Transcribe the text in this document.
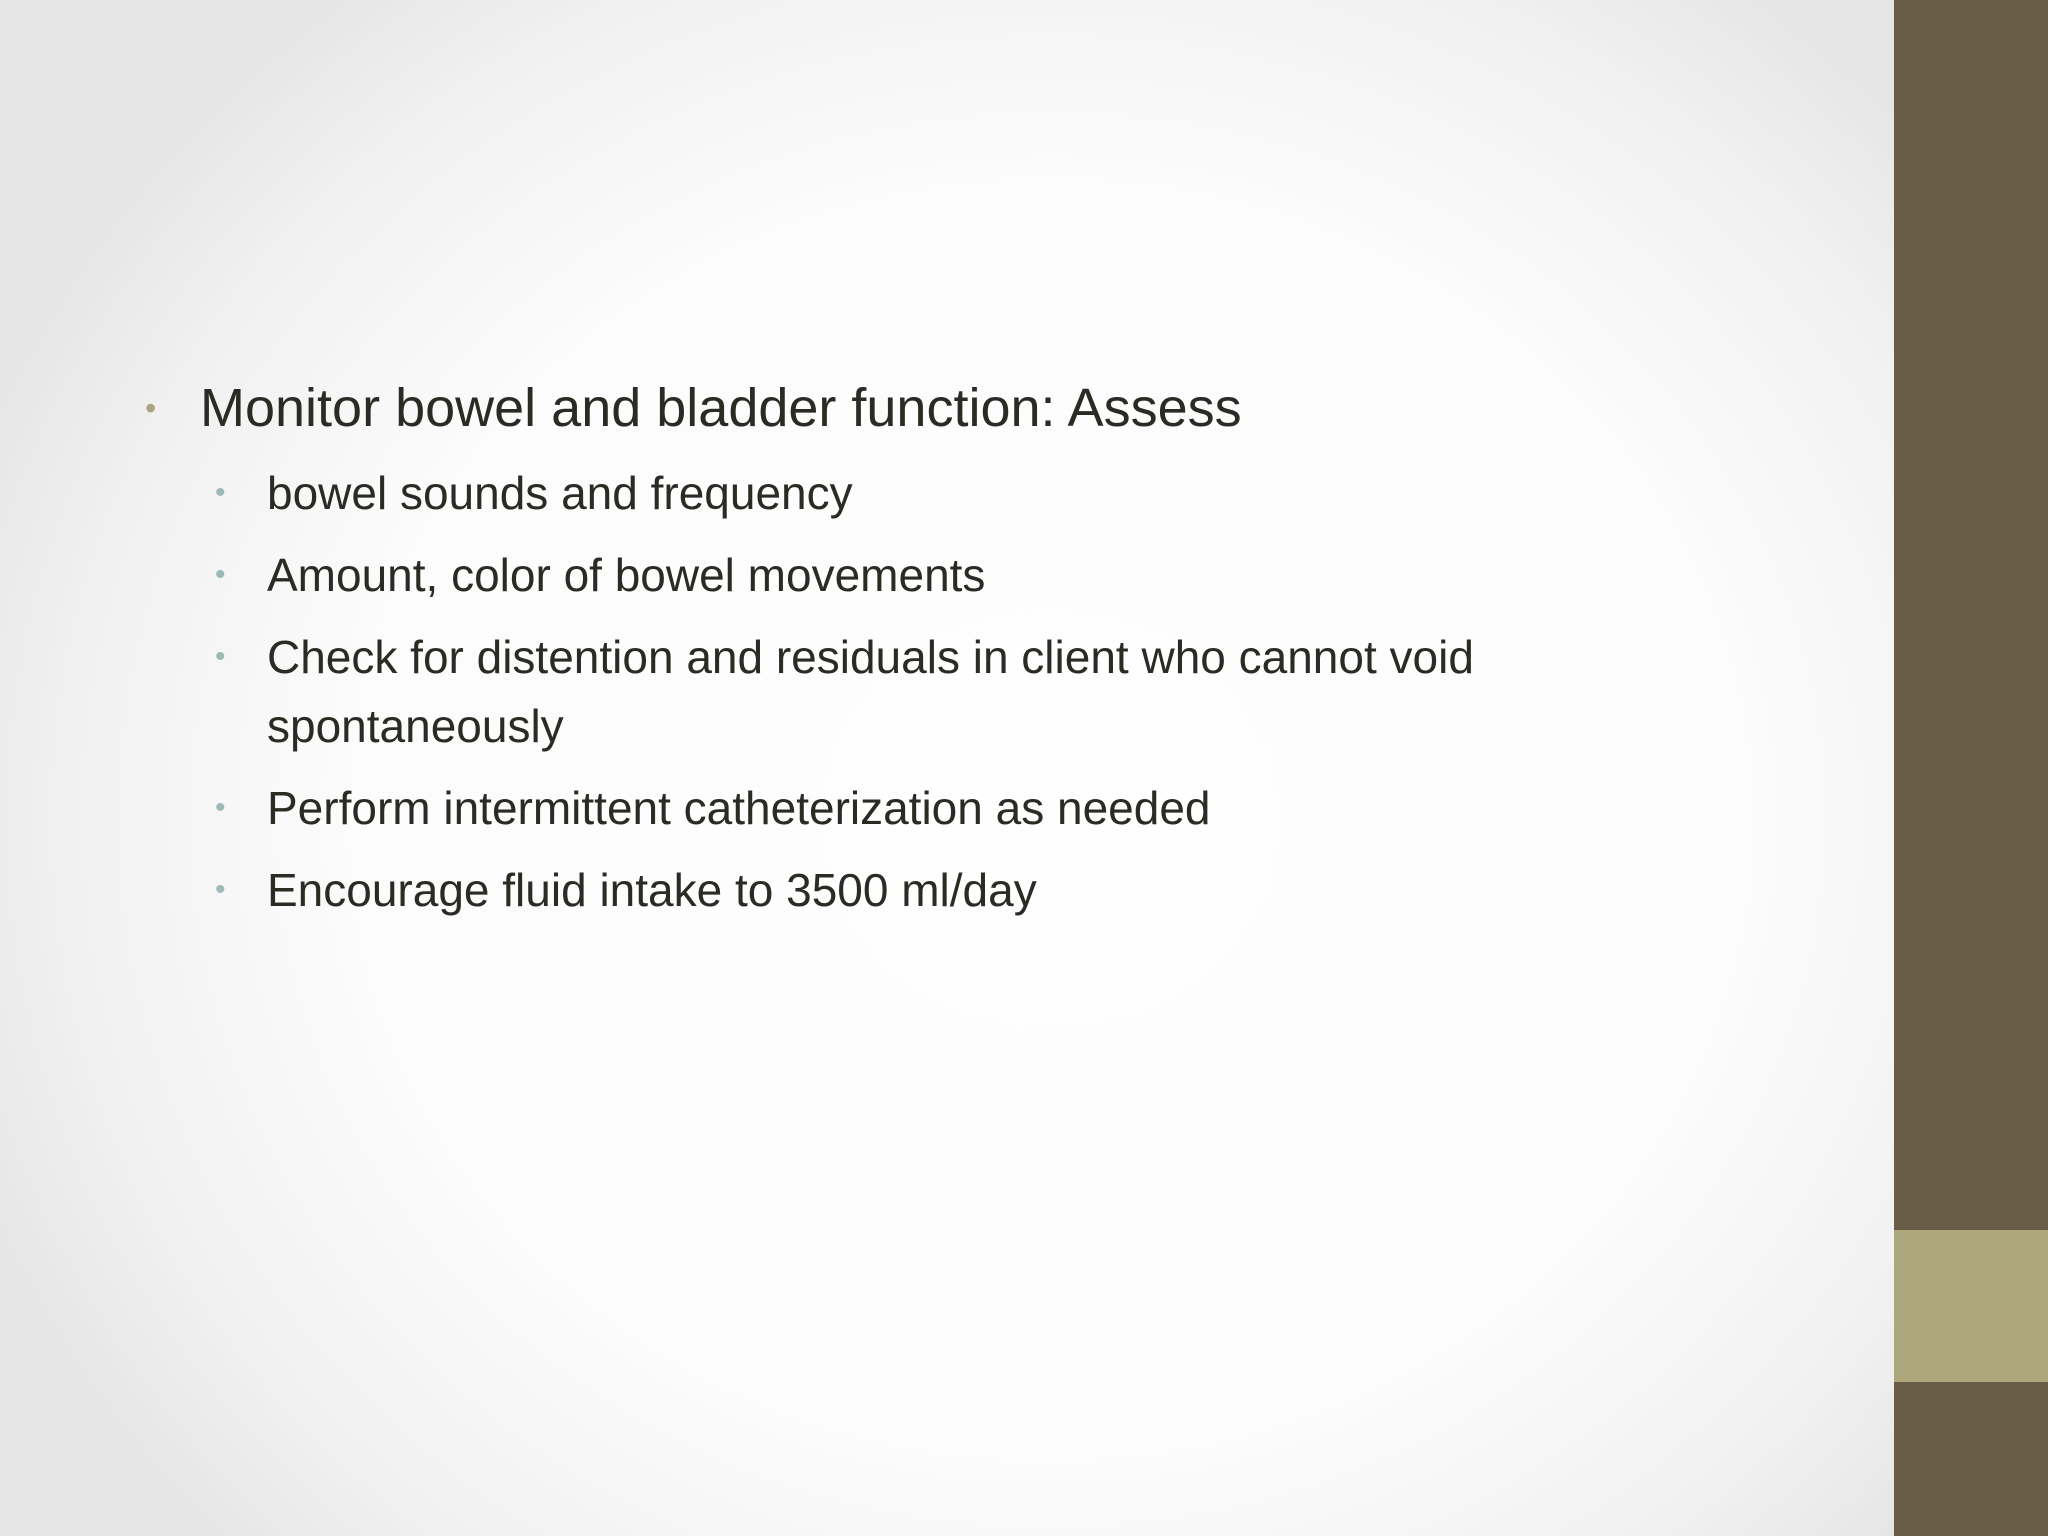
• Monitor bowel and bladder function: Assess
• bowel sounds and frequency
• Amount, color of bowel movements
• Check for distention and residuals in client who cannot void spontaneously
• Perform intermittent catheterization as needed
• Encourage fluid intake to 3500 ml/day
